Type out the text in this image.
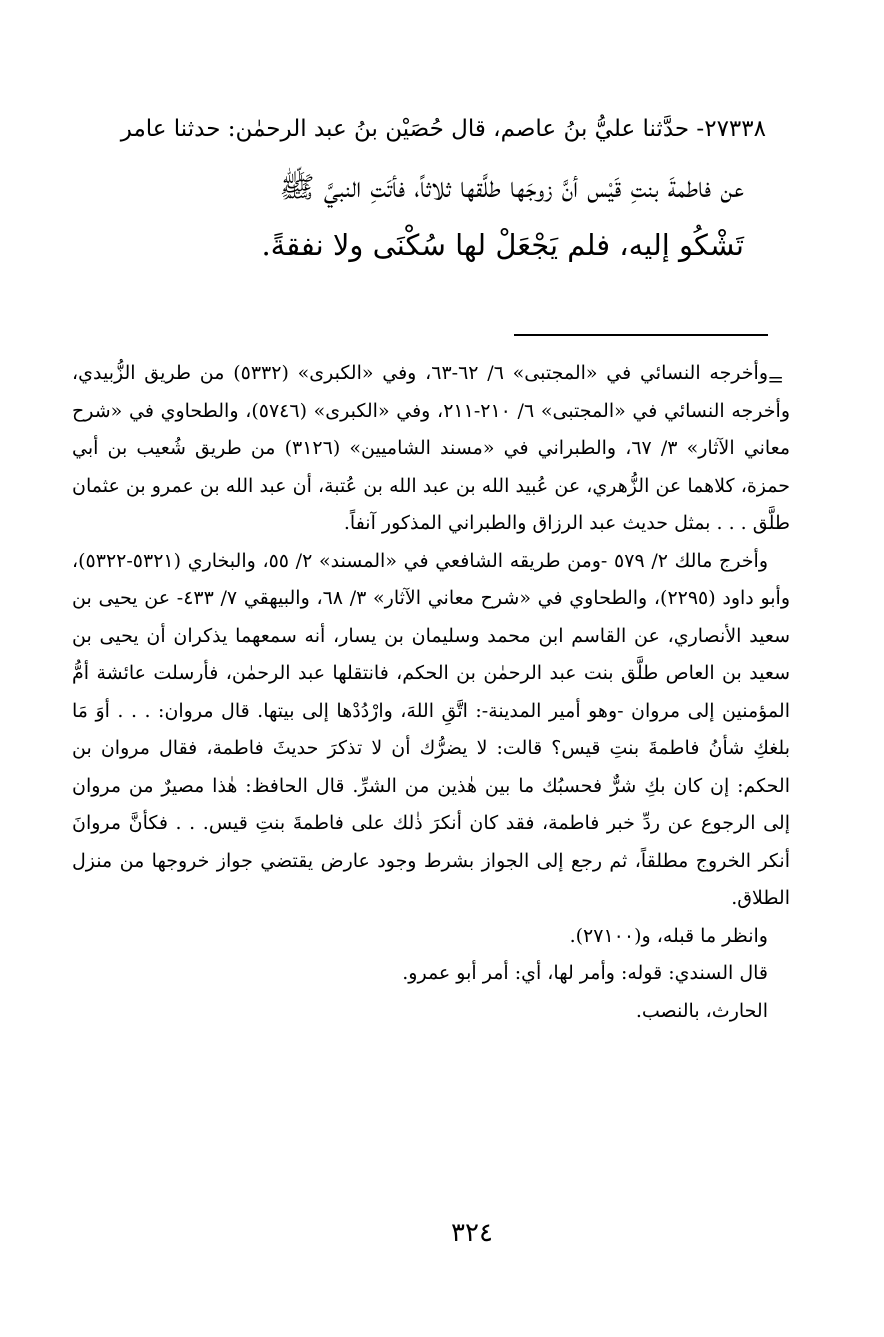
٢٧٣٣٨- حدَّثنا عليُّ بنُ عاصم، قال حُصَيْن بنُ عبد الرحمٰن: حدثنا عامر

عن فاطمةَ بنتِ قَيْس أنَّ زوجَها طلَّقها ثلاثاً، فأتَتِ النبيَّ ﷺ

تَشْكُو إليه، فلم يَجْعَلْ لها سُكْنَى ولا نفقةً.

=

وأخرجه النسائي في «المجتبى» ٦/ ٦٢-٦٣، وفي «الكبرى» (٥٣٣٢) من طريق الزُّبيدي، وأخرجه النسائي في «المجتبى» ٦/ ٢١٠-٢١١، وفي «الكبرى» (٥٧٤٦)، والطحاوي في «شرح معاني الآثار» ٣/ ٦٧، والطبراني في «مسند الشاميين» (٣١٢٦) من طريق شُعيب بن أبي حمزة، كلاهما عن الزُّهري، عن عُبيد الله بن عبد الله بن عُتبة، أن عبد الله بن عمرو بن عثمان طلَّق . . . بمثل حديث عبد الرزاق والطبراني المذكور آنفاً.

وأخرج مالك ٢/ ٥٧٩ -ومن طريقه الشافعي في «المسند» ٢/ ٥٥، والبخاري (٥٣٢١-٥٣٢٢)، وأبو داود (٢٢٩٥)، والطحاوي في «شرح معاني الآثار» ٣/ ٦٨، والبيهقي ٧/ ٤٣٣- عن يحيى بن سعيد الأنصاري، عن القاسم ابن محمد وسليمان بن يسار، أنه سمعهما يذكران أن يحيى بن سعيد بن العاص طلَّق بنت عبد الرحمٰن بن الحكم، فانتقلها عبد الرحمٰن، فأرسلت عائشة أمُّ المؤمنين إلى مروان -وهو أمير المدينة-: اتَّقِ اللهَ، وارْدُدْها إلى بيتها. قال مروان: . . . أوَ مَا بلغكِ شأنُ فاطمةَ بنتِ قيس؟ قالت: لا يضرُّك أن لا تذكرَ حديثَ فاطمة، فقال مروان بن الحكم: إن كان بكِ شرٌّ فحسبُك ما بين هٰذين من الشرِّ. قال الحافظ: هٰذا مصيرٌ من مروان إلى الرجوع عن ردِّ خبر فاطمة، فقد كان أنكرَ ذٰلك على فاطمةَ بنتِ قيس. . . فكأنَّ مروانَ أنكر الخروج مطلقاً، ثم رجع إلى الجواز بشرط وجود عارض يقتضي جواز خروجها من منزل الطلاق.

وانظر ما قبله، و(٢٧١٠٠).

قال السندي: قوله: وأمر لها، أي: أمر أبو عمرو.

الحارث، بالنصب.

٣٢٤
